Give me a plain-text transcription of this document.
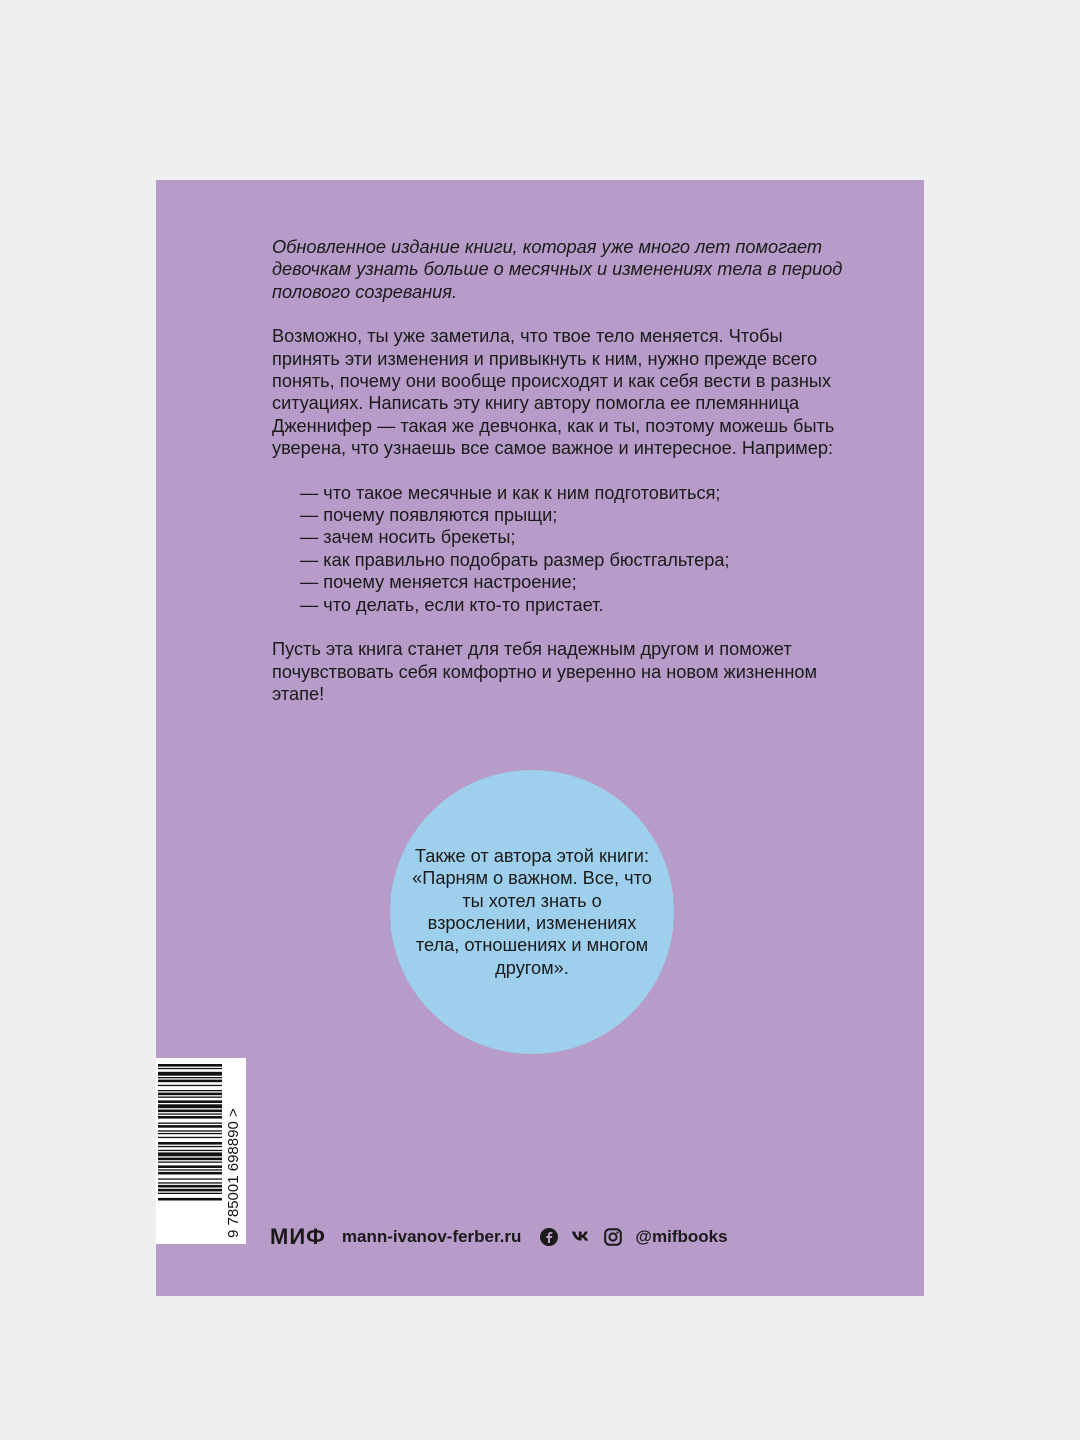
Обновленное издание книги, которая уже много лет помогает девочкам узнать больше о месячных и изменениях тела в период полового созревания.

Возможно, ты уже заметила, что твое тело меняется. Чтобы принять эти изменения и привыкнуть к ним, нужно прежде всего понять, почему они вообще происходят и как себя вести в разных ситуациях. Написать эту книгу автору помогла ее племянница Дженнифер — такая же девчонка, как и ты, поэтому можешь быть уверена, что узнаешь все самое важное и интересное. Например:

— что такое месячные и как к ним подготовиться;
— почему появляются прыщи;
— зачем носить брекеты;
— как правильно подобрать размер бюстгальтера;
— почему меняется настроение;
— что делать, если кто-то пристает.

Пусть эта книга станет для тебя надежным другом и поможет почувствовать себя комфортно и уверенно на новом жизненном этапе!

Также от автора этой книги: «Парням о важном. Все, что ты хотел знать о взрослении, изменениях тела, отношениях и многом другом».

9 785001 698890 > МИФ mann-ivanov-ferber.ru	@mifbooks
